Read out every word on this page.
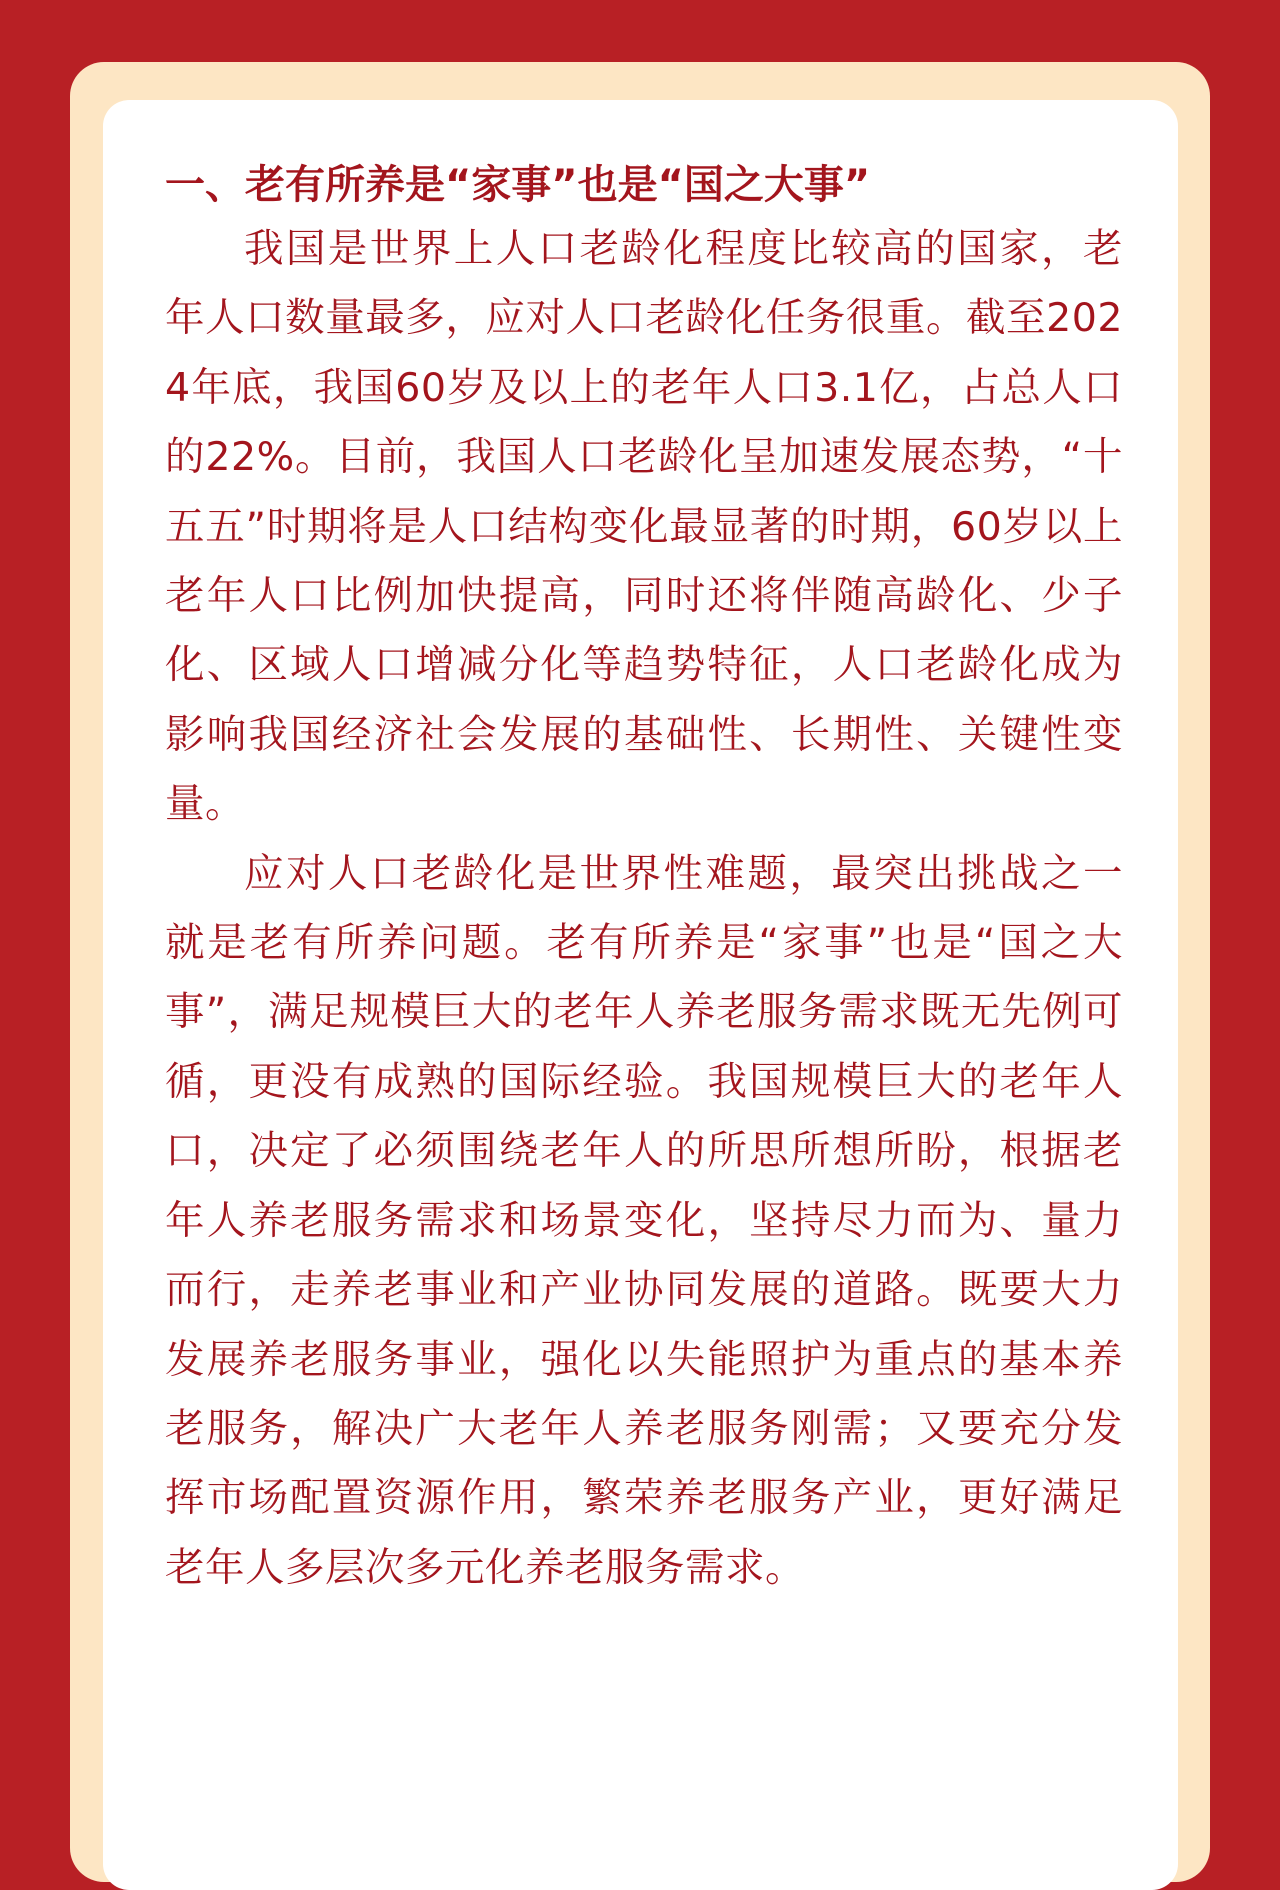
一、老有所养是“家事”也是“国之大事”

我国是世界上人口老龄化程度比较高的国家，老年人口数量最多，应对人口老龄化任务很重。截至2024年底，我国60岁及以上的老年人口3.1亿，占总人口的22%。目前，我国人口老龄化呈加速发展态势，“十五五”时期将是人口结构变化最显著的时期，60岁以上老年人口比例加快提高，同时还将伴随高龄化、少子化、区域人口增减分化等趋势特征，人口老龄化成为影响我国经济社会发展的基础性、长期性、关键性变量。

应对人口老龄化是世界性难题，最突出挑战之一就是老有所养问题。老有所养是“家事”也是“国之大事”，满足规模巨大的老年人养老服务需求既无先例可循，更没有成熟的国际经验。我国规模巨大的老年人口，决定了必须围绕老年人的所思所想所盼，根据老年人养老服务需求和场景变化，坚持尽力而为、量力而行，走养老事业和产业协同发展的道路。既要大力发展养老服务事业，强化以失能照护为重点的基本养老服务，解决广大老年人养老服务刚需；又要充分发挥市场配置资源作用，繁荣养老服务产业，更好满足老年人多层次多元化养老服务需求。
